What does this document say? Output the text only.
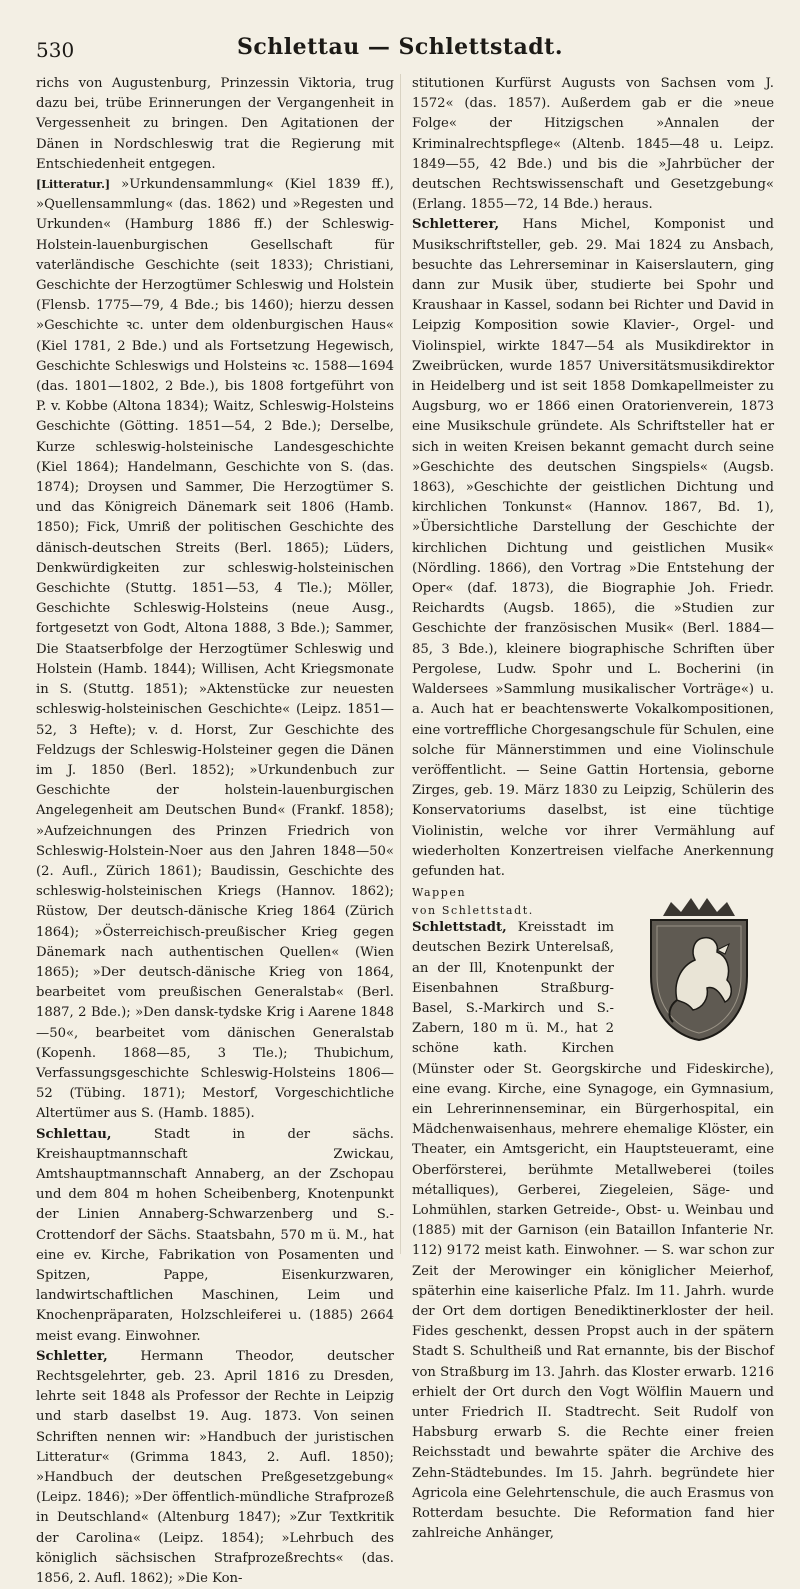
530	Schlettau — Schlettstadt.

richs von Augustenburg, Prinzessin Viktoria, trug dazu bei, trübe Erinnerungen der Vergangenheit in Vergessenheit zu bringen. Den Agitationen der Dänen in Nordschleswig trat die Regierung mit Entschiedenheit entgegen.

[Litteratur.] »Urkundensammlung« (Kiel 1839 ff.), »Quellensammlung« (das. 1862) und »Regesten und Urkunden« (Hamburg 1886 ff.) der Schleswig-Holstein-lauenburgischen Gesellschaft für vaterländische Geschichte (seit 1833); Christiani, Geschichte der Herzogtümer Schleswig und Holstein (Flensb. 1775—79, 4 Bde.; bis 1460); hierzu dessen »Geschichte ꝛc. unter dem oldenburgischen Haus« (Kiel 1781, 2 Bde.) und als Fortsetzung Hegewisch, Geschichte Schleswigs und Holsteins ꝛc. 1588—1694 (das. 1801—1802, 2 Bde.), bis 1808 fortgeführt von P. v. Kobbe (Altona 1834); Waitz, Schleswig-Holsteins Geschichte (Götting. 1851—54, 2 Bde.); Derselbe, Kurze schleswig-holsteinische Landesgeschichte (Kiel 1864); Handelmann, Geschichte von S. (das. 1874); Droysen und Sammer, Die Herzogtümer S. und das Königreich Dänemark seit 1806 (Hamb. 1850); Fick, Umriß der politischen Geschichte des dänisch-deutschen Streits (Berl. 1865); Lüders, Denkwürdigkeiten zur schleswig-holsteinischen Geschichte (Stuttg. 1851—53, 4 Tle.); Möller, Geschichte Schleswig-Holsteins (neue Ausg., fortgesetzt von Godt, Altona 1888, 3 Bde.); Sammer, Die Staatserbfolge der Herzogtümer Schleswig und Holstein (Hamb. 1844); Willisen, Acht Kriegsmonate in S. (Stuttg. 1851); »Aktenstücke zur neuesten schleswig-holsteinischen Geschichte« (Leipz. 1851—52, 3 Hefte); v. d. Horst, Zur Geschichte des Feldzugs der Schleswig-Holsteiner gegen die Dänen im J. 1850 (Berl. 1852); »Urkundenbuch zur Geschichte der holstein-lauenburgischen Angelegenheit am Deutschen Bund« (Frankf. 1858); »Aufzeichnungen des Prinzen Friedrich von Schleswig-Holstein-Noer aus den Jahren 1848—50« (2. Aufl., Zürich 1861); Baudissin, Geschichte des schleswig-holsteinischen Kriegs (Hannov. 1862); Rüstow, Der deutsch-dänische Krieg 1864 (Zürich 1864); »Österreichisch-preußischer Krieg gegen Dänemark nach authentischen Quellen« (Wien 1865); »Der deutsch-dänische Krieg von 1864, bearbeitet vom preußischen Generalstab« (Berl. 1887, 2 Bde.); »Den dansk-tydske Krig i Aarene 1848—50«, bearbeitet vom dänischen Generalstab (Kopenh. 1868—85, 3 Tle.); Thubichum, Verfassungsgeschichte Schleswig-Holsteins 1806—52 (Tübing. 1871); Mestorf, Vorgeschichtliche Altertümer aus S. (Hamb. 1885).

Schlettau,	Stadt in der sächs. Kreishauptmannschaft Zwickau, Amtshauptmannschaft Annaberg, an der Zschopau und dem 804 m hohen Scheibenberg, Knotenpunkt der Linien Annaberg-Schwarzenberg und S.-Crottendorf der Sächs. Staatsbahn, 570 m ü. M., hat eine ev. Kirche, Fabrikation von Posamenten und Spitzen, Pappe, Eisenkurzwaren, landwirtschaftlichen Maschinen, Leim und Knochenpräparaten, Holzschleiferei u. (1885) 2664 meist evang. Einwohner.

Schletter, Hermann Theodor, deutscher Rechtsgelehrter, geb. 23. April 1816 zu Dresden, lehrte seit 1848 als Professor der Rechte in Leipzig und starb daselbst 19. Aug. 1873. Von seinen Schriften nennen wir: »Handbuch der juristischen Litteratur« (Grimma 1843, 2. Aufl. 1850); »Handbuch der deutschen Preßgesetzgebung« (Leipz. 1846); »Der öffentlich-mündliche Strafprozeß in Deutschland« (Altenburg 1847); »Zur Textkritik der Carolina« (Leipz. 1854); »Lehrbuch des königlich sächsischen Strafprozeßrechts« (das. 1856, 2. Aufl. 1862); »Die Kon-

stitutionen Kurfürst Augusts von Sachsen vom J. 1572« (das. 1857). Außerdem gab er die »neue Folge« der Hitzigschen »Annalen der Kriminalrechtspflege« (Altenb. 1845—48 u. Leipz. 1849—55, 42 Bde.) und bis die »Jahrbücher der deutschen Rechtswissenschaft und Gesetzgebung« (Erlang. 1855—72, 14 Bde.) heraus.

Schletterer, Hans Michel, Komponist und Musikschriftsteller, geb. 29. Mai 1824 zu Ansbach, besuchte das Lehrerseminar in Kaiserslautern, ging dann zur Musik über, studierte bei Spohr und Kraushaar in Kassel, sodann bei Richter und David in Leipzig Komposition sowie Klavier-, Orgel- und Violinspiel, wirkte 1847—54 als Musikdirektor in Zweibrücken, wurde 1857 Universitätsmusikdirektor in Heidelberg und ist seit 1858 Domkapellmeister zu Augsburg, wo er 1866 einen Oratorienverein, 1873 eine Musikschule gründete. Als Schriftsteller hat er sich in weiten Kreisen bekannt gemacht durch seine »Geschichte des deutschen Singspiels« (Augsb. 1863), »Geschichte der geistlichen Dichtung und kirchlichen Tonkunst« (Hannov. 1867, Bd. 1), »Übersichtliche Darstellung der Geschichte der kirchlichen Dichtung und geistlichen Musik« (Nördling. 1866), den Vortrag »Die Entstehung der Oper« (daf. 1873), die Biographie Joh. Friedr. Reichardts (Augsb. 1865), die »Studien zur Geschichte der französischen Musik« (Berl. 1884—85, 3 Bde.), kleinere biographische Schriften über Pergolese, Ludw. Spohr und L. Bocherini (in Waldersees »Sammlung musikalischer Vorträge«) u. a. Auch hat er beachtenswerte Vokalkompositionen, eine vortreffliche Chorgesangschule für Schulen, eine solche für Männerstimmen und eine Violinschule veröffentlicht. — Seine Gattin Hortensia, geborne Zirges, geb. 19. März 1830 zu Leipzig, Schülerin des Konservatoriums daselbst, ist eine tüchtige Violinistin, welche vor ihrer Vermählung auf wiederholten Konzertreisen vielfache Anerkennung gefunden hat.

Wappen
von Schlettstadt.
Schlettstadt, Kreisstadt im deutschen Bezirk Unterelsaß, an der Ill, Knotenpunkt der Eisenbahnen Straßburg-Basel, S.-Markirch und S.-Zabern, 180 m ü. M., hat 2 schöne kath. Kirchen (Münster oder St. Georgskirche und Fideskirche), eine evang. Kirche, eine Synagoge, ein Gymnasium, ein Lehrerinnenseminar, ein Bürgerhospital, ein Mädchenwaisenhaus, mehrere ehemalige Klöster, ein Theater, ein Amtsgericht, ein Hauptsteueramt, eine Oberförsterei, berühmte Metallweberei (toiles métalliques), Gerberei, Ziegeleien, Säge- und Lohmühlen, starken Getreide-, Obst- u. Weinbau und (1885) mit der Garnison (ein Bataillon Infanterie Nr. 112) 9172 meist kath. Einwohner. — S. war schon zur Zeit der Merowinger ein königlicher Meierhof, späterhin eine kaiserliche Pfalz. Im 11. Jahrh. wurde der Ort dem dortigen Benediktinerkloster der heil. Fides geschenkt, dessen Propst auch in der spätern Stadt S. Schultheiß und Rat ernannte, bis der Bischof von Straßburg im 13. Jahrh. das Kloster erwarb. 1216 erhielt der Ort durch den Vogt Wölflin Mauern und unter Friedrich II. Stadtrecht. Seit Rudolf von Habsburg erwarb S. die Rechte einer freien Reichsstadt und bewahrte später die Archive des Zehn-Städtebundes. Im 15. Jahrh. begründete hier Agricola eine Gelehrtenschule, die auch Erasmus von Rotterdam besuchte. Die Reformation fand hier zahlreiche Anhänger,
